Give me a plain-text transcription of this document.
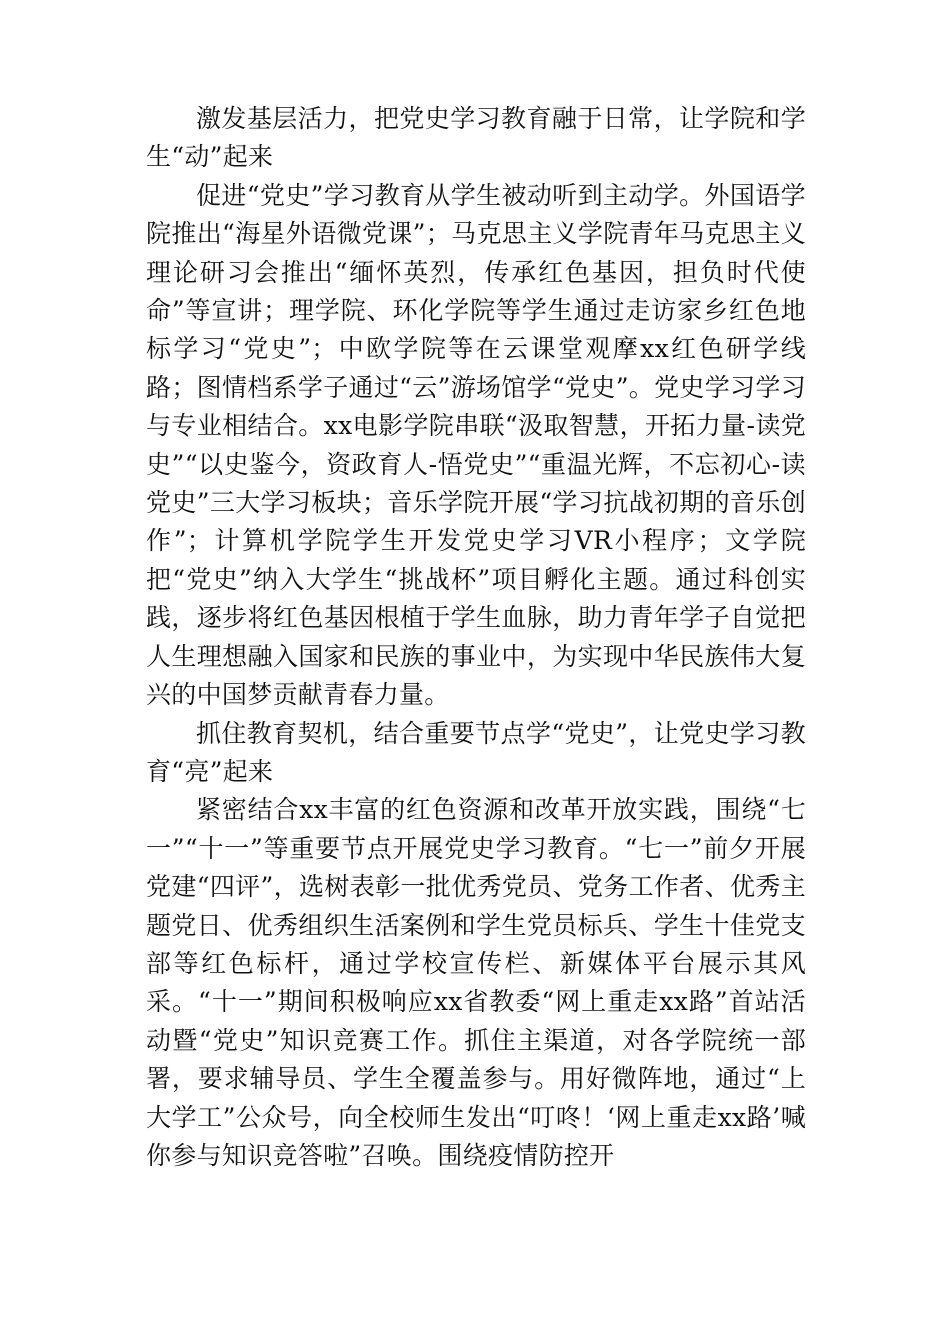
激发基层活力，把党史学习教育融于日常，让学院和学生“动”起来

促进“党史”学习教育从学生被动听到主动学。外国语学院推出“海星外语微党课”；马克思主义学院青年马克思主义理论研习会推出“缅怀英烈，传承红色基因，担负时代使命”等宣讲；理学院、环化学院等学生通过走访家乡红色地标学习“党史”；中欧学院等在云课堂观摩xx红色研学线路；图情档系学子通过“云”游场馆学“党史”。党史学习学习与专业相结合。xx电影学院串联“汲取智慧，开拓力量-读党史”“以史鉴今，资政育人-悟党史”“重温光辉，不忘初心-读党史”三大学习板块；音乐学院开展“学习抗战初期的音乐创作”；计算机学院学生开发党史学习VR小程序；文学院把“党史”纳入大学生“挑战杯”项目孵化主题。通过科创实践，逐步将红色基因根植于学生血脉，助力青年学子自觉把人生理想融入国家和民族的事业中，为实现中华民族伟大复兴的中国梦贡献青春力量。

抓住教育契机，结合重要节点学“党史”，让党史学习教育“亮”起来

紧密结合xx丰富的红色资源和改革开放实践，围绕“七一”“十一”等重要节点开展党史学习教育。“七一”前夕开展党建“四评”，选树表彰一批优秀党员、党务工作者、优秀主题党日、优秀组织生活案例和学生党员标兵、学生十佳党支部等红色标杆，通过学校宣传栏、新媒体平台展示其风采。“十一”期间积极响应xx省教委“网上重走xx路”首站活动暨“党史”知识竞赛工作。抓住主渠道，对各学院统一部署，要求辅导员、学生全覆盖参与。用好微阵地，通过“上大学工”公众号，向全校师生发出“叮咚！‘网上重走xx路’喊你参与知识竞答啦”召唤。围绕疫情防控开
